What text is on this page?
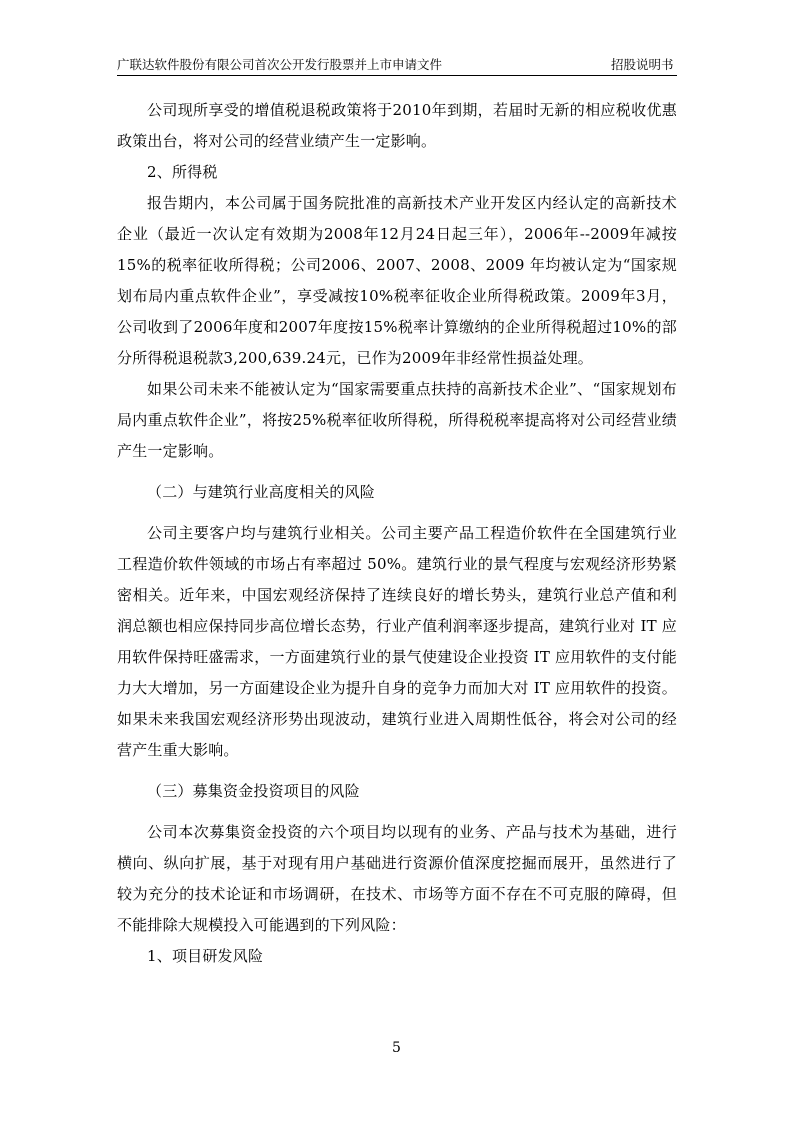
广联达软件股份有限公司首次公开发行股票并上市申请文件	招股说明书

公司现所享受的增值税退税政策将于2010年到期，若届时无新的相应税收优惠政策出台，将对公司的经营业绩产生一定影响。

2、所得税

报告期内，本公司属于国务院批准的高新技术产业开发区内经认定的高新技术企业（最近一次认定有效期为2008年12月24日起三年），2006年--2009年减按15%的税率征收所得税；公司2006、2007、2008、2009 年均被认定为“国家规划布局内重点软件企业”，享受减按10%税率征收企业所得税政策。2009年3月，公司收到了2006年度和2007年度按15%税率计算缴纳的企业所得税超过10%的部分所得税退税款3,200,639.24元，已作为2009年非经常性损益处理。

如果公司未来不能被认定为“国家需要重点扶持的高新技术企业”、“国家规划布局内重点软件企业”，将按25%税率征收所得税，所得税税率提高将对公司经营业绩产生一定影响。

（二）与建筑行业高度相关的风险

公司主要客户均与建筑行业相关。公司主要产品工程造价软件在全国建筑行业工程造价软件领域的市场占有率超过 50%。建筑行业的景气程度与宏观经济形势紧密相关。近年来，中国宏观经济保持了连续良好的增长势头，建筑行业总产值和利润总额也相应保持同步高位增长态势，行业产值利润率逐步提高，建筑行业对 IT 应用软件保持旺盛需求，一方面建筑行业的景气使建设企业投资 IT 应用软件的支付能力大大增加，另一方面建设企业为提升自身的竞争力而加大对 IT 应用软件的投资。如果未来我国宏观经济形势出现波动，建筑行业进入周期性低谷，将会对公司的经营产生重大影响。

（三）募集资金投资项目的风险

公司本次募集资金投资的六个项目均以现有的业务、产品与技术为基础，进行横向、纵向扩展，基于对现有用户基础进行资源价值深度挖掘而展开，虽然进行了较为充分的技术论证和市场调研，在技术、市场等方面不存在不可克服的障碍，但不能排除大规模投入可能遇到的下列风险：

1、项目研发风险

5
